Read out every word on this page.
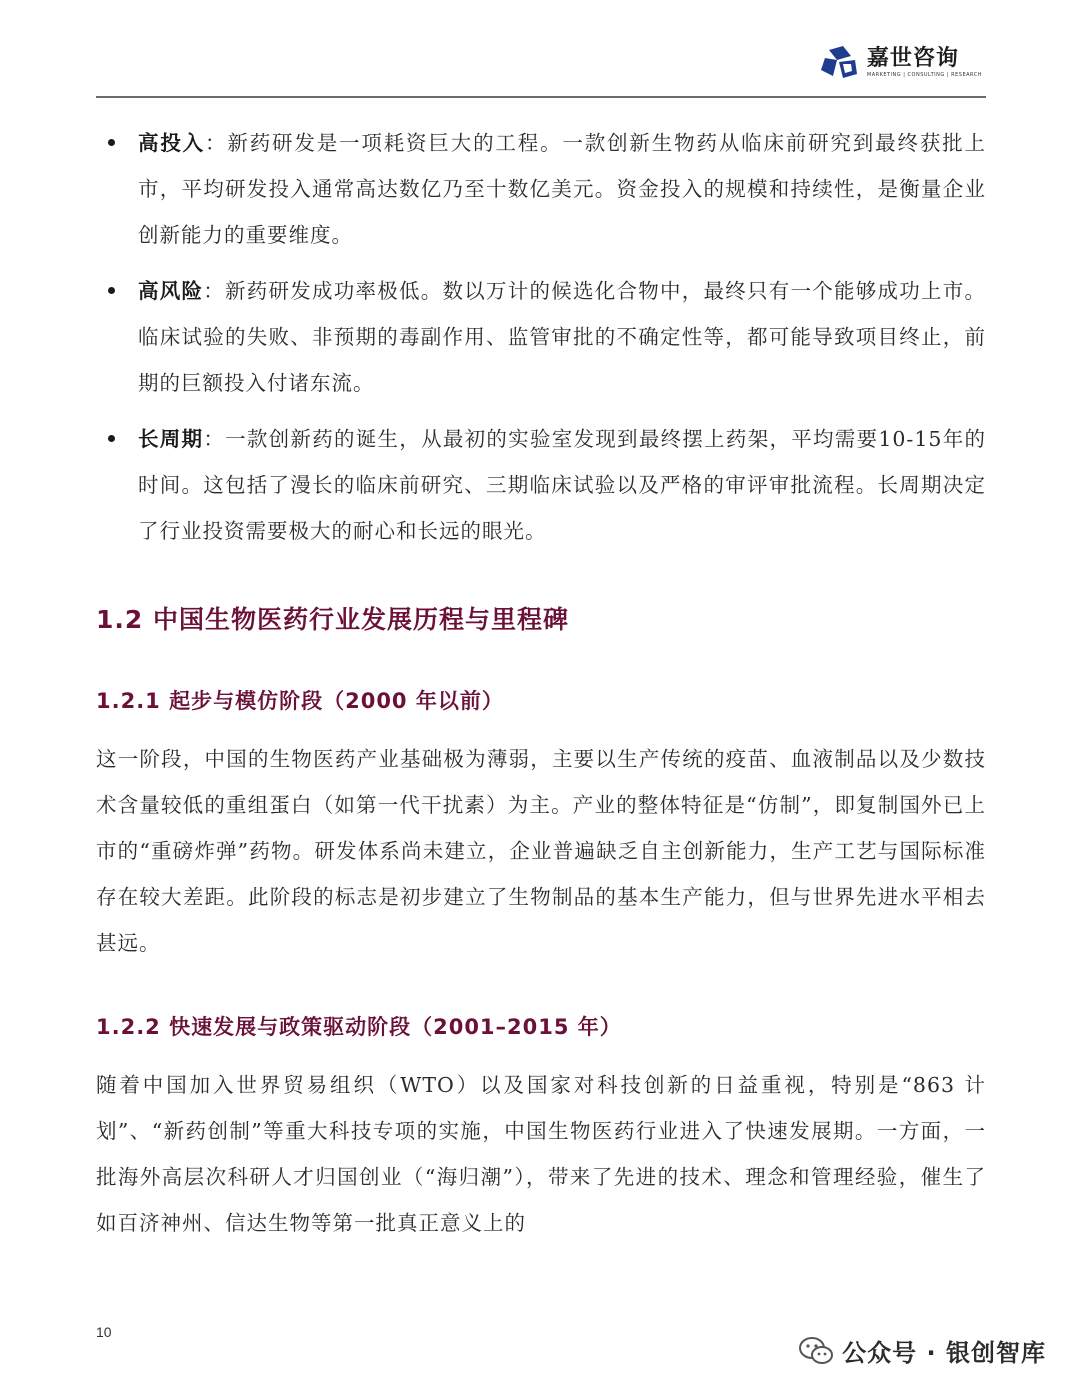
嘉世咨询
MARKETING | CONSULTING | RESEARCH
高投入：新药研发是一项耗资巨大的工程。一款创新生物药从临床前研究到最终获批上市，平均研发投入通常高达数亿乃至十数亿美元。资金投入的规模和持续性，是衡量企业创新能力的重要维度。
高风险：新药研发成功率极低。数以万计的候选化合物中，最终只有一个能够成功上市。临床试验的失败、非预期的毒副作用、监管审批的不确定性等，都可能导致项目终止，前期的巨额投入付诸东流。
长周期：一款创新药的诞生，从最初的实验室发现到最终摆上药架，平均需要10-15年的时间。这包括了漫长的临床前研究、三期临床试验以及严格的审评审批流程。长周期决定了行业投资需要极大的耐心和长远的眼光。
1.2 中国生物医药行业发展历程与里程碑
1.2.1 起步与模仿阶段（2000 年以前）

这一阶段，中国的生物医药产业基础极为薄弱，主要以生产传统的疫苗、血液制品以及少数技术含量较低的重组蛋白（如第一代干扰素）为主。产业的整体特征是“仿制”，即复制国外已上市的“重磅炸弹”药物。研发体系尚未建立，企业普遍缺乏自主创新能力，生产工艺与国际标准存在较大差距。此阶段的标志是初步建立了生物制品的基本生产能力，但与世界先进水平相去甚远。

1.2.2 快速发展与政策驱动阶段（2001–2015 年）

随着中国加入世界贸易组织（WTO）以及国家对科技创新的日益重视，特别是“863 计划”、“新药创制”等重大科技专项的实施，中国生物医药行业进入了快速发展期。一方面，一批海外高层次科研人才归国创业（“海归潮”），带来了先进的技术、理念和管理经验，催生了如百济神州、信达生物等第一批真正意义上的

10
公众号 · 银创智库
